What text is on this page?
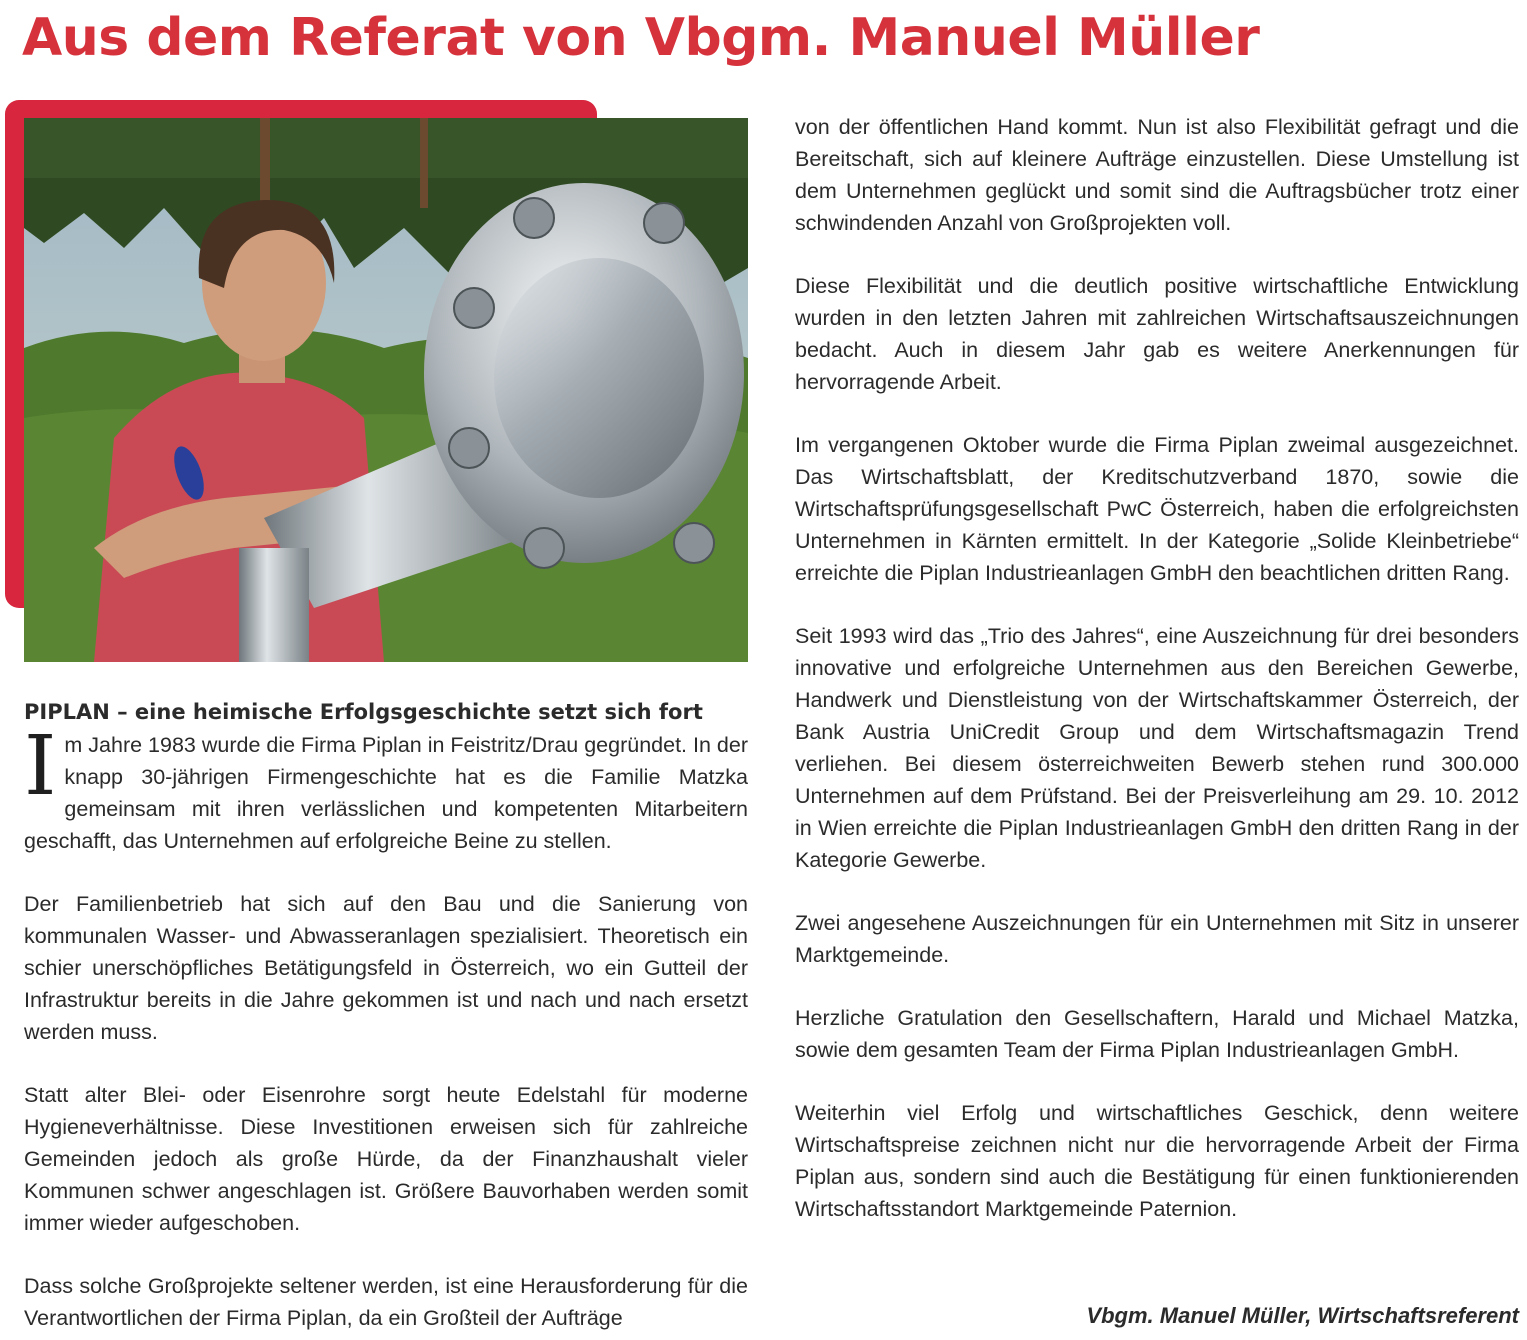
Aus dem Referat von Vbgm. Manuel Müller
PIPLAN – eine heimische Erfolgsgeschichte setzt sich fort

Im Jahre 1983 wurde die Firma Piplan in Feistritz/Drau gegründet. In der knapp 30-jährigen Firmengeschichte hat es die Familie Matzka gemeinsam mit ihren verlässlichen und kompetenten Mitarbeitern geschafft, das Unternehmen auf erfolgreiche Beine zu stellen.

Der Familienbetrieb hat sich auf den Bau und die Sanierung von kommunalen Wasser- und Abwasseranlagen spezialisiert. Theoretisch ein schier unerschöpfliches Betätigungsfeld in Österreich, wo ein Gutteil der Infrastruktur bereits in die Jahre gekommen ist und nach und nach ersetzt werden muss.

Statt alter Blei- oder Eisenrohre sorgt heute Edelstahl für moderne Hygieneverhältnisse. Diese Investitionen erweisen sich für zahlreiche Gemeinden jedoch als große Hürde, da der Finanzhaushalt vieler Kommunen schwer angeschlagen ist. Größere Bauvorhaben werden somit immer wieder aufgeschoben.

Dass solche Großprojekte seltener werden, ist eine Herausforderung für die Verantwortlichen der Firma Piplan, da ein Großteil der Aufträge

von der öffentlichen Hand kommt. Nun ist also Flexibilität gefragt und die Bereitschaft, sich auf kleinere Aufträge einzustellen. Diese Umstellung ist dem Unternehmen geglückt und somit sind die Auftragsbücher trotz einer schwindenden Anzahl von Großprojekten voll.

Diese Flexibilität und die deutlich positive wirtschaftliche Entwicklung wurden in den letzten Jahren mit zahlreichen Wirtschaftsauszeichnungen bedacht. Auch in diesem Jahr gab es weitere Anerkennungen für hervorragende Arbeit.

Im vergangenen Oktober wurde die Firma Piplan zweimal ausgezeichnet. Das Wirtschaftsblatt, der Kreditschutzverband 1870, sowie die Wirtschaftsprüfungsgesellschaft PwC Österreich, haben die erfolgreichsten Unternehmen in Kärnten ermittelt. In der Kategorie „Solide Kleinbetriebe“ erreichte die Piplan Industrieanlagen GmbH den beachtlichen dritten Rang.

Seit 1993 wird das „Trio des Jahres“, eine Auszeichnung für drei besonders innovative und erfolgreiche Unternehmen aus den Bereichen Gewerbe, Handwerk und Dienstleistung von der Wirtschaftskammer Österreich, der Bank Austria UniCredit Group und dem Wirtschaftsmagazin Trend verliehen. Bei diesem österreichweiten Bewerb stehen rund 300.000 Unternehmen auf dem Prüfstand. Bei der Preisverleihung am 29. 10. 2012 in Wien erreichte die Piplan Industrieanlagen GmbH den dritten Rang in der Kategorie Gewerbe.

Zwei angesehene Auszeichnungen für ein Unternehmen mit Sitz in unserer Marktgemeinde.

Herzliche Gratulation den Gesellschaftern, Harald und Michael Matzka, sowie dem gesamten Team der Firma Piplan Industrieanlagen GmbH.

Weiterhin viel Erfolg und wirtschaftliches Geschick, denn weitere Wirtschaftspreise zeichnen nicht nur die hervorragende Arbeit der Firma Piplan aus, sondern sind auch die Bestätigung für einen funktionierenden Wirtschaftsstandort Marktgemeinde Paternion.

Vbgm. Manuel Müller, Wirtschaftsreferent
